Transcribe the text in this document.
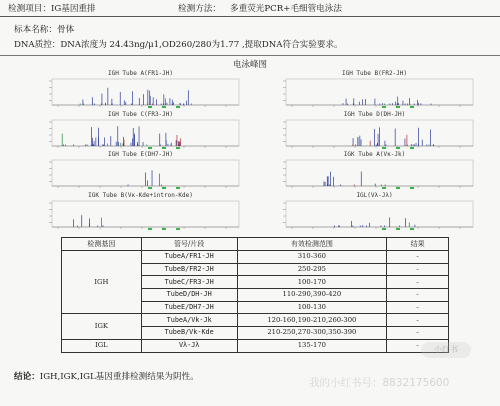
检测项目：IG基因重排	检测方法： 多重荧光PCR+毛细管电泳法
标本名称：骨体
DNA质控：DNA浓度为 24.43ng/μ1,OD260/280为1.77 ,提取DNA符合实验要求。
电泳峰图
IGH Tube A(FR1-JH)	IGH Tube B(FR2-JH)
IGH Tube C(FR3-JH)	IGH Tube D(DH-JH)
IGH Tube E(DH7-JH)	IGK Tube A(Vκ-Jk)
IGK Tube B(Vκ-Kde+intron-Kde)	IGL(Vλ-Jλ)
检测基因	管号/片段	有效检测范围	结果
IGH	TubeA/FR1-JH	310-360	-
	TubeB/FR2-JH	250-295	-
	TubeC/FR3-JH	100-170	-
	TubeD/DH-JH	110-290,390-420	-
	TubeE/DH7-JH	100-130	-
IGK	TubeA/Vk-Jk	120-160,190-210,260-300	-
	TubeB/Vk-Kde	210-250,270-300,350-390	-
IGL	Vλ-Jλ	135-170	-
结论：IGH,IGK,IGL基因重排检测结果为阴性。
小红书
我的小红书号：8832175600
